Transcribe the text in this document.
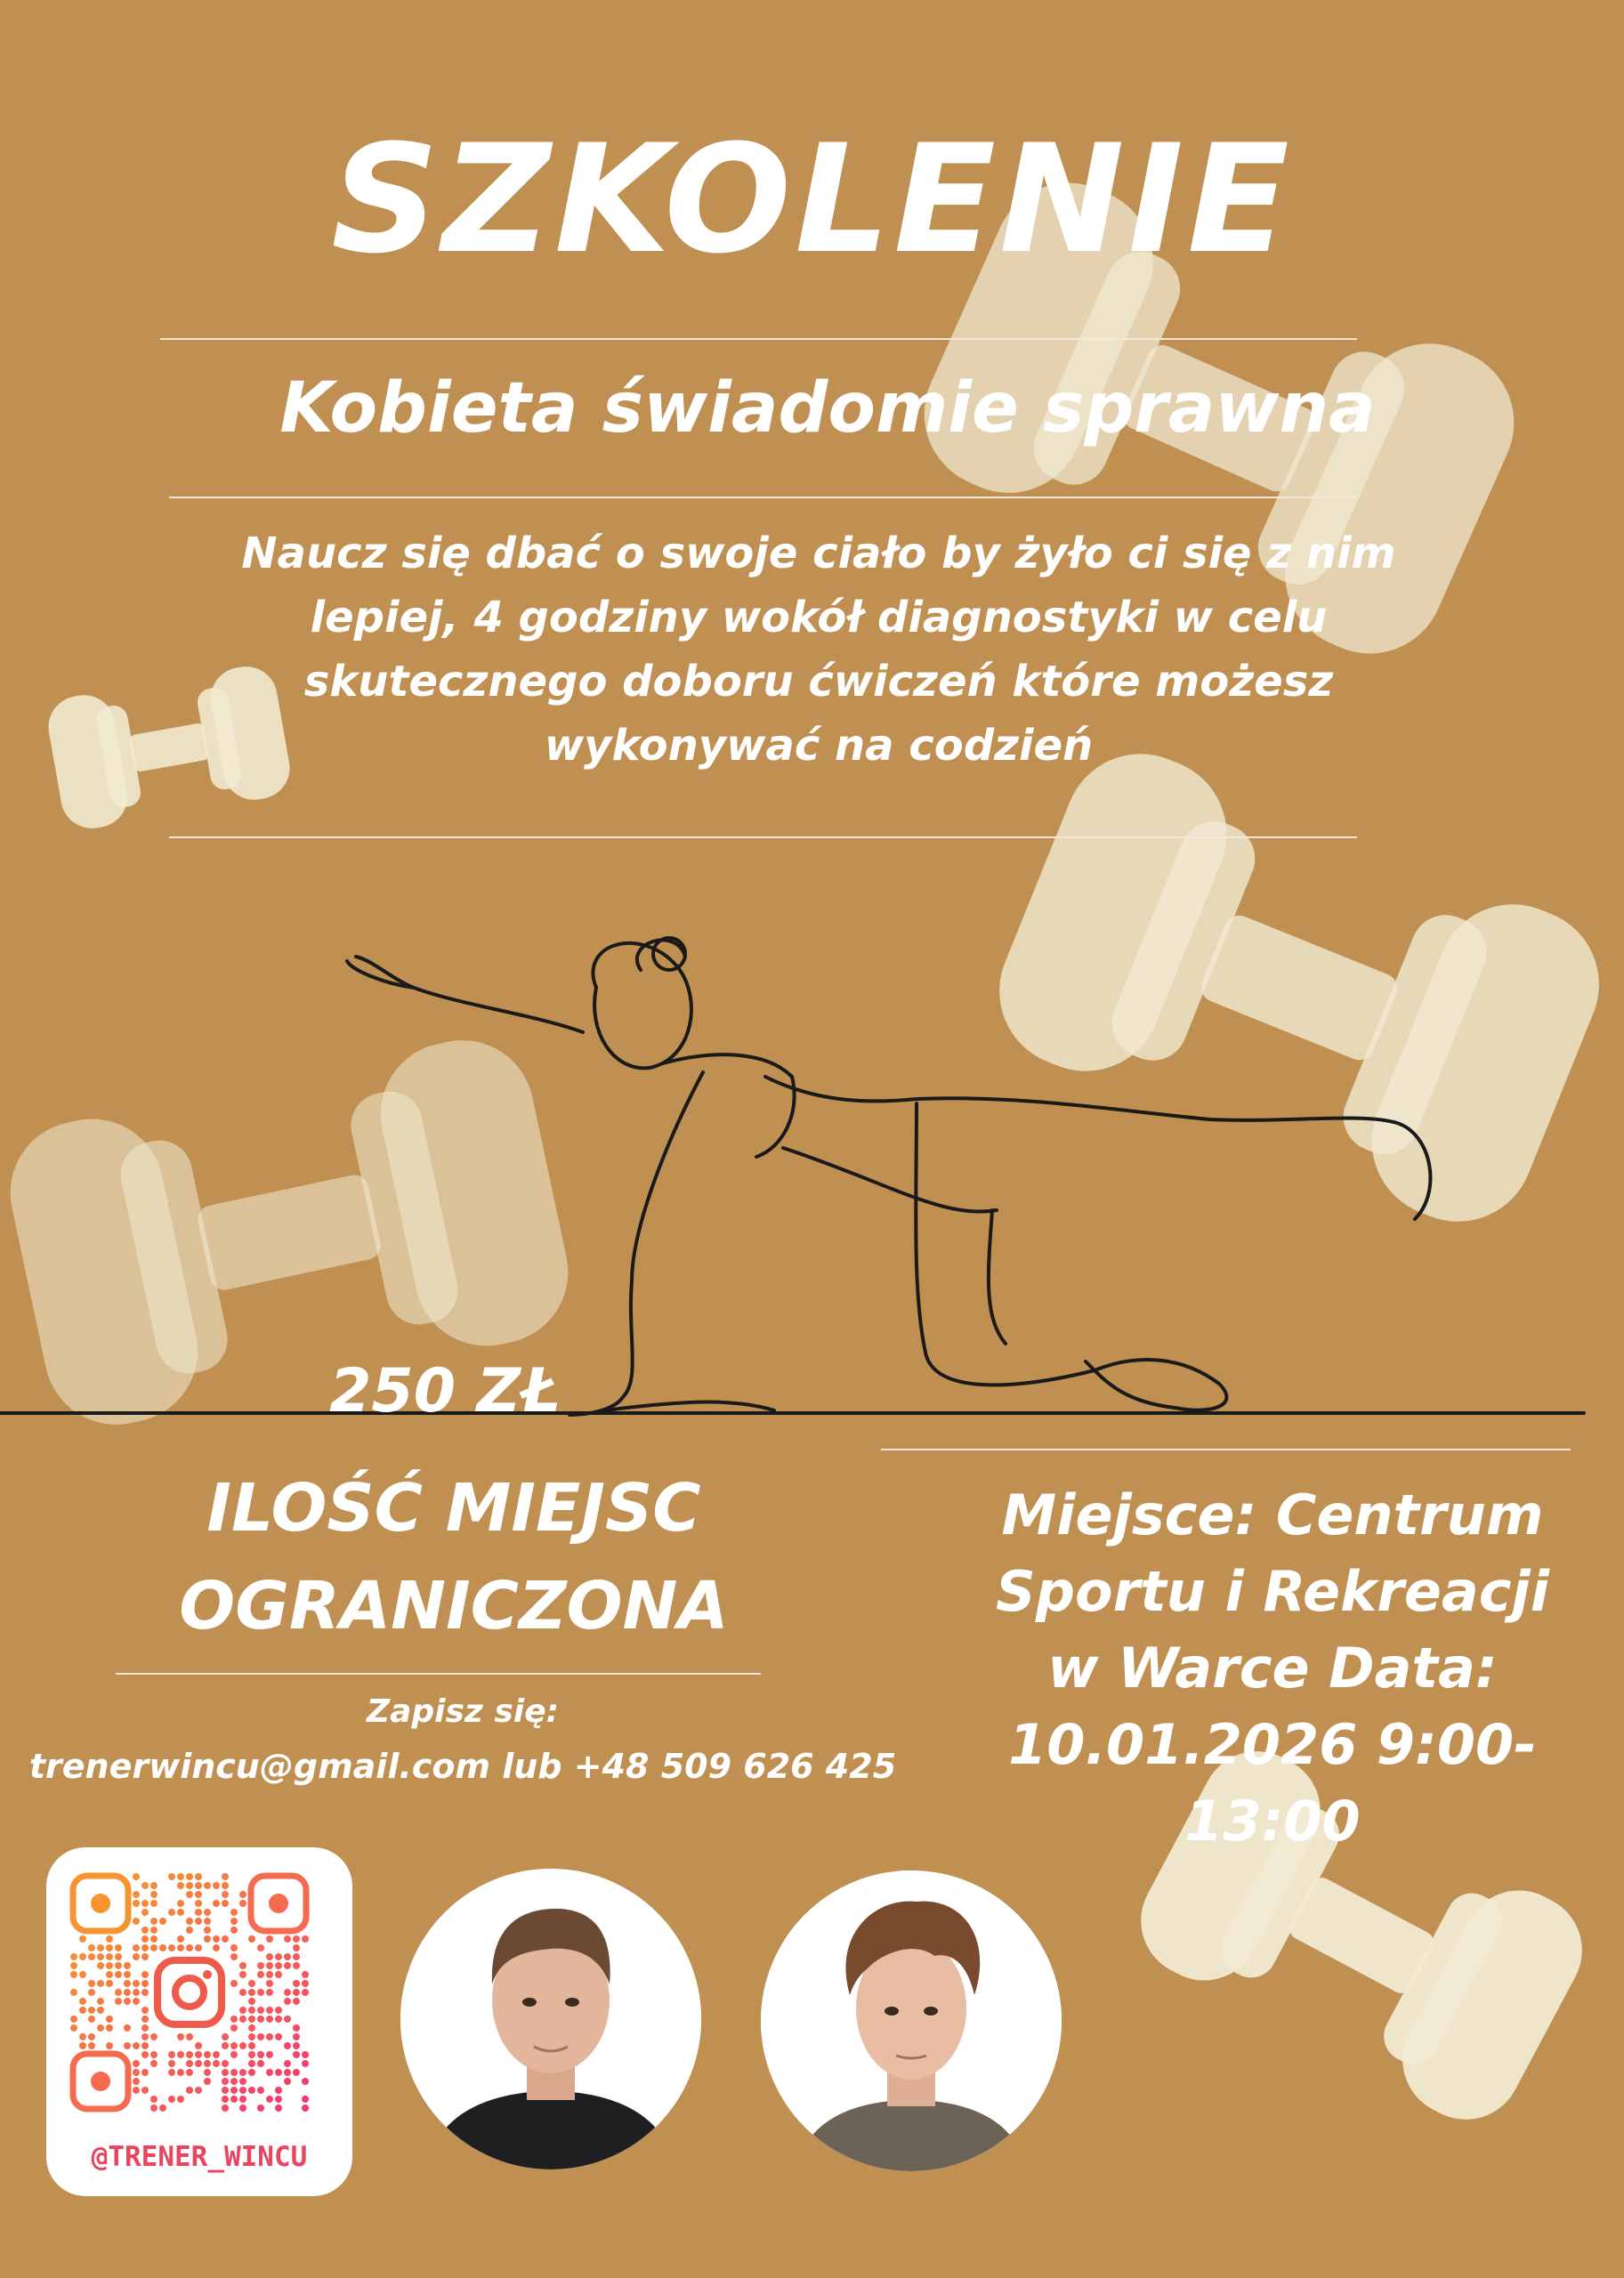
SZKOLENIE
Kobieta świadomie sprawna
Naucz się dbać o swoje ciało by żyło ci się z nim lepiej, 4 godziny wokół diagnostyki w celu skutecznego doboru ćwiczeń które możesz wykonywać na codzień
250 ZŁ
ILOŚĆ MIEJSC OGRANICZONA
Zapisz się:
trenerwincu@gmail.com lub +48 509 626 425
Miejsce: Centrum Sportu i Rekreacji w Warce Data: 10.01.2026 9:00-13:00
@TRENER_WINCU
